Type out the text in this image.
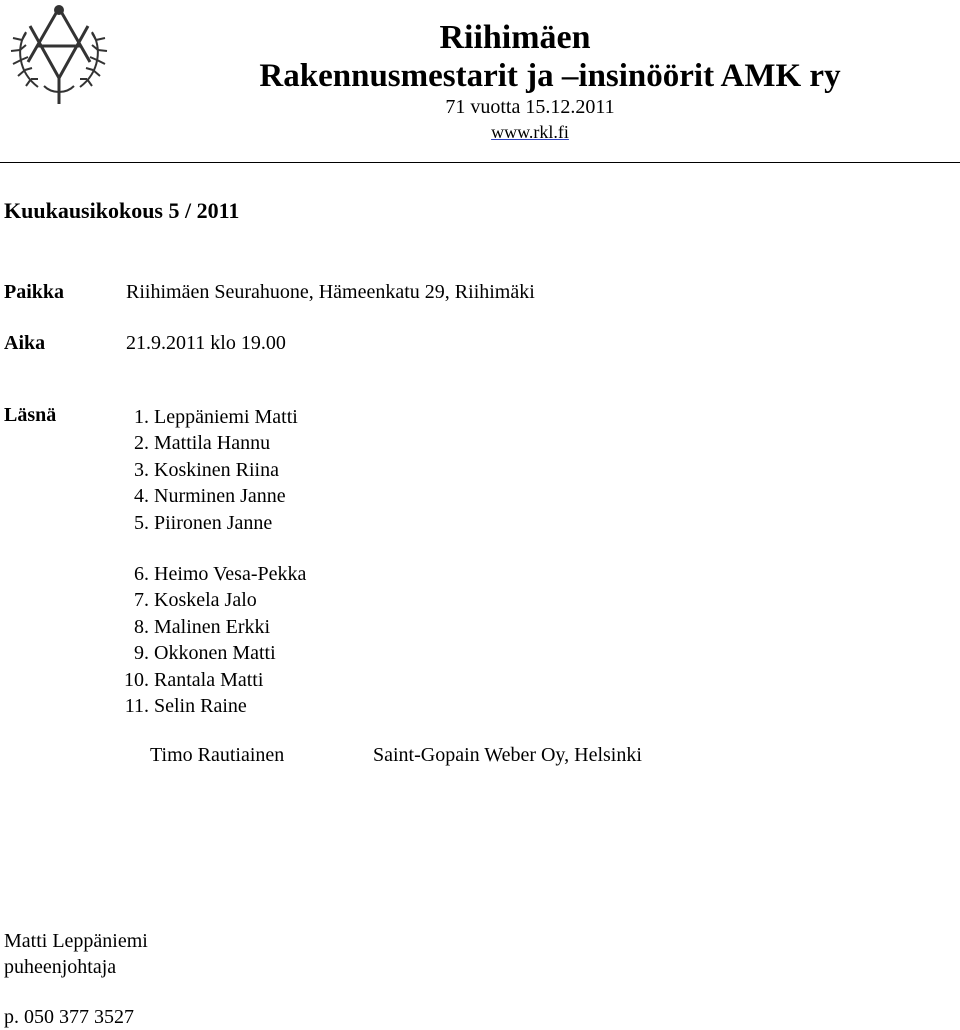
Riihimäen
Rakennusmestarit ja –insinöörit AMK ry
71 vuotta 15.12.2011
www.rkl.fi
Kuukausikokous 5 / 2011
Paikka	Riihimäen Seurahuone, Hämeenkatu 29, Riihimäki
Aika	21.9.2011 klo 19.00
Läsnä	1. Leppäniemi Matti
2. Mattila Hannu
3. Koskinen Riina
4. Nurminen Janne
5. Piironen Janne
6. Heimo Vesa-Pekka
7. Koskela Jalo
8. Malinen Erkki
9. Okkonen Matti
10. Rantala Matti
11. Selin Raine
Timo Rautiainen	Saint-Gopain Weber Oy, Helsinki
Matti Leppäniemi
puheenjohtaja
p. 050 377 3527
